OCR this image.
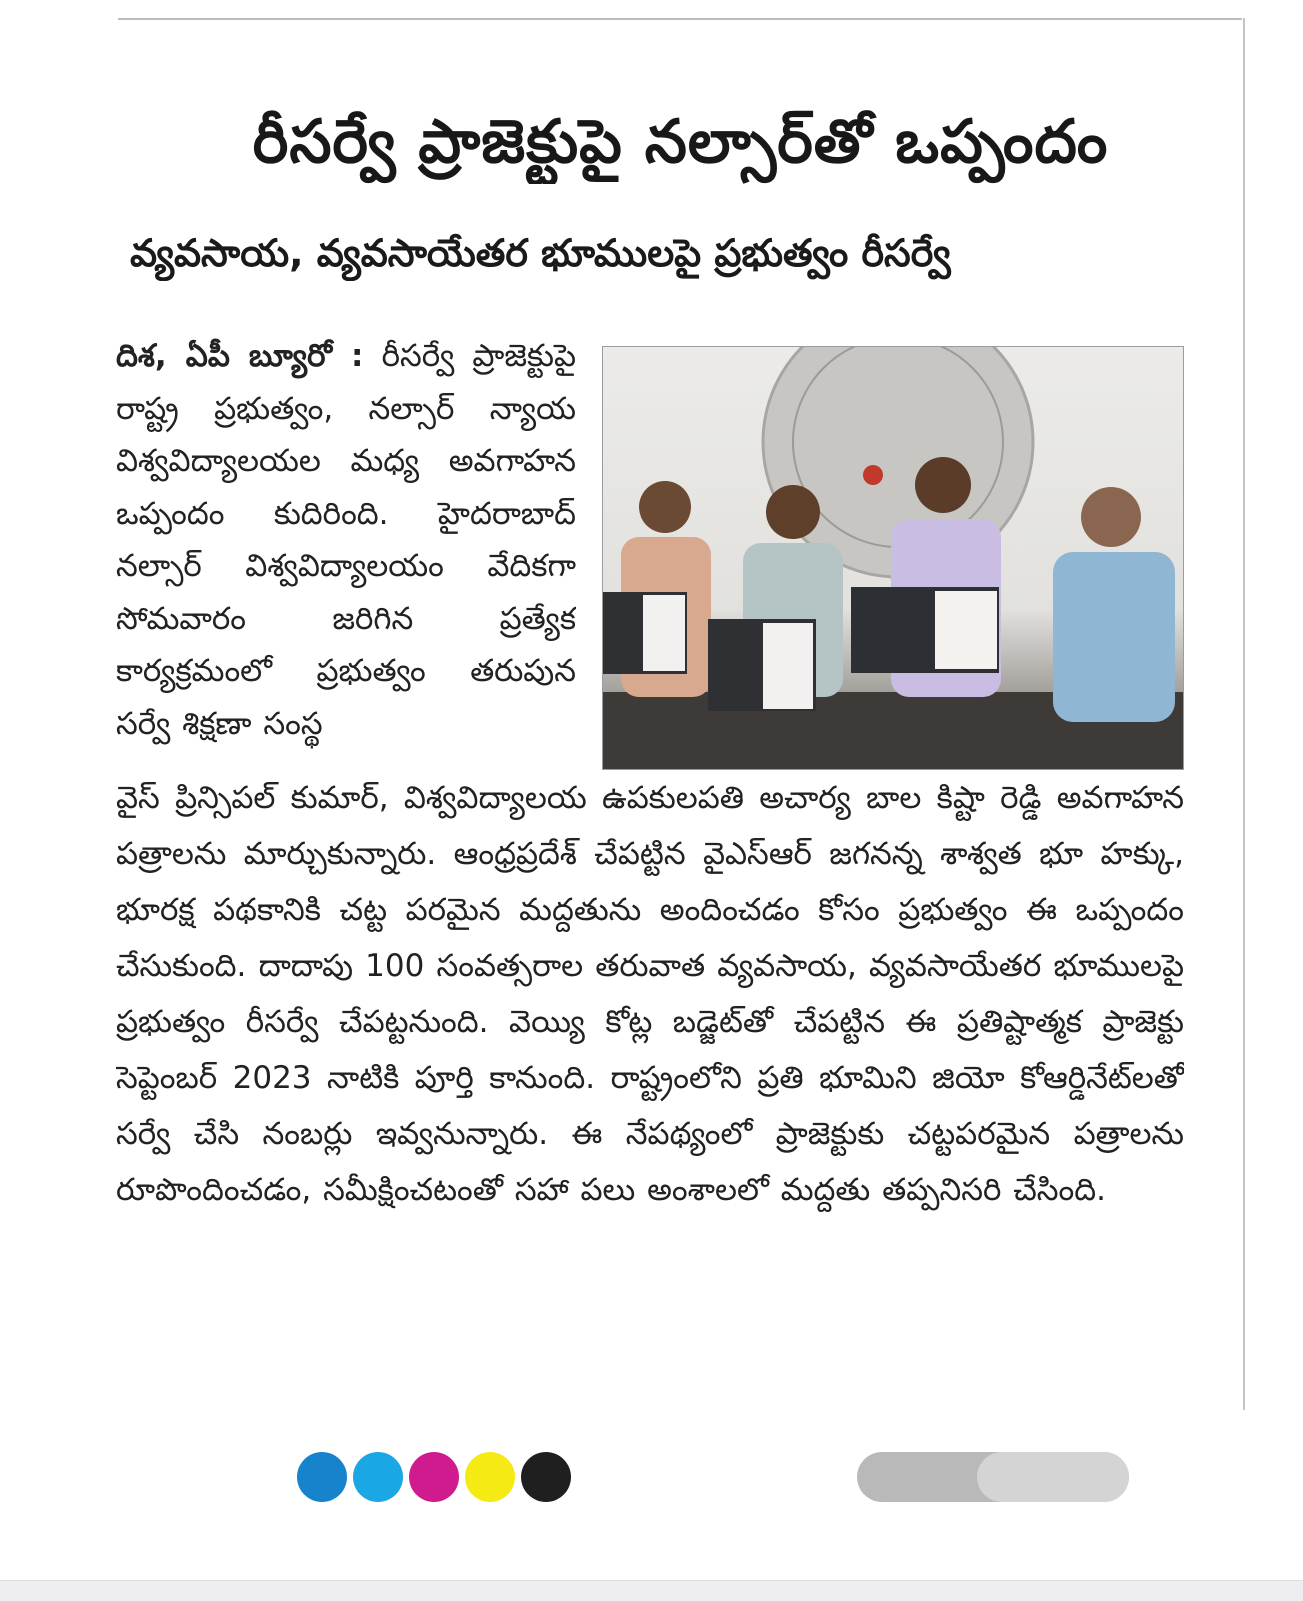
రీసర్వే ప్రాజెక్టుపై నల్సార్‌తో ఒప్పందం
వ్యవసాయ, వ్యవసాయేతర భూములపై ప్రభుత్వం రీసర్వే
దిశ, ఏపీ బ్యూరో : రీసర్వే ప్రాజెక్టుపై రాష్ట్ర ప్రభుత్వం, నల్సార్ న్యాయ విశ్వవిద్యాలయల మధ్య అవగాహన ఒప్పందం కుదిరింది. హైదరాబాద్ నల్సార్ విశ్వవిద్యాలయం వేదికగా సోమవారం జరిగిన ప్రత్యేక కార్యక్రమంలో ప్రభుత్వం తరుపున సర్వే శిక్షణా సంస్థ
వైస్ ప్రిన్సిపల్ కుమార్, విశ్వవిద్యాలయ ఉపకులపతి అచార్య బాల కిష్టా రెడ్డి అవగాహన పత్రాలను మార్చుకున్నారు. ఆంధ్రప్రదేశ్ చేపట్టిన వైఎస్ఆర్ జగనన్న శాశ్వత భూ హక్కు, భూరక్ష పథకానికి చట్ట పరమైన మద్దతును అందించడం కోసం ప్రభుత్వం ఈ ఒప్పందం చేసుకుంది. దాదాపు 100 సంవత్సరాల తరువాత వ్యవసాయ, వ్యవసాయేతర భూములపై ప్రభుత్వం రీసర్వే చేపట్టనుంది. వెయ్యి కోట్ల బడ్జెట్‌తో చేపట్టిన ఈ ప్రతిష్టాత్మక ప్రాజెక్టు సెప్టెంబర్ 2023 నాటికి పూర్తి కానుంది. రాష్ట్రంలోని ప్రతి భూమిని జియో కోఆర్డినేట్‌లతో సర్వే చేసి నంబర్లు ఇవ్వనున్నారు. ఈ నేపథ్యంలో ప్రాజెక్టుకు చట్టపరమైన పత్రాలను రూపొందించడం, సమీక్షించటంతో సహా పలు అంశాలలో మద్దతు తప్పనిసరి చేసింది.
